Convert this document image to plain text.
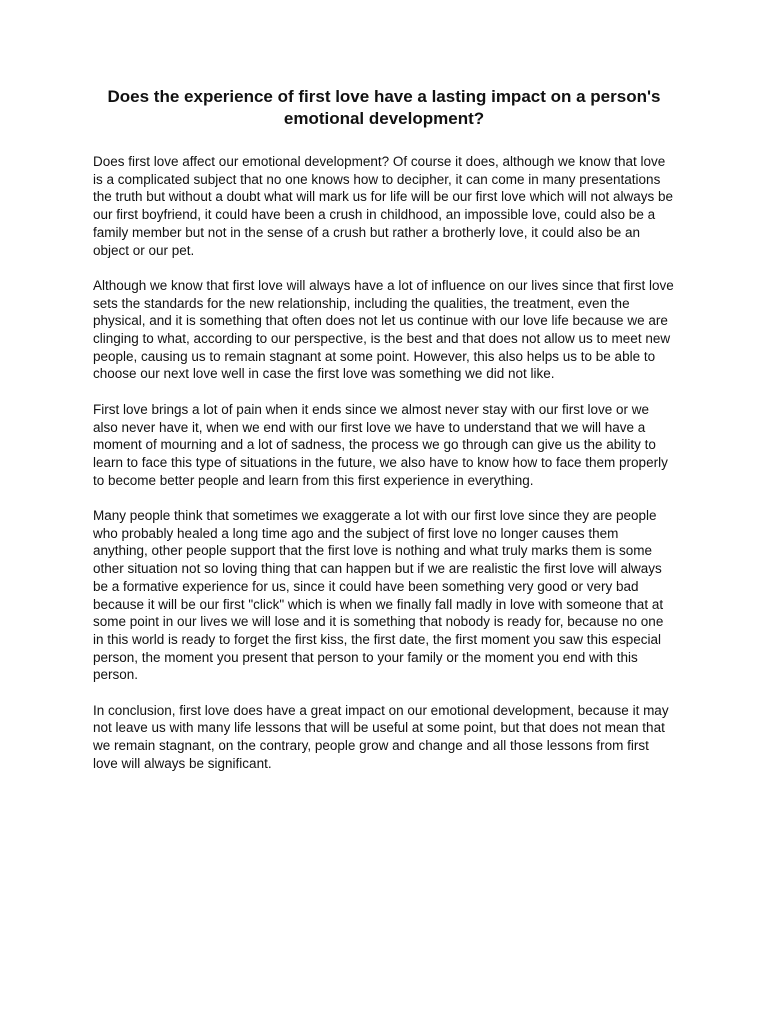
Does the experience of first love have a lasting impact on a person's emotional development?

Does first love affect our emotional development? Of course it does, although we know that love is a complicated subject that no one knows how to decipher, it can come in many presentations the truth but without a doubt what will mark us for life will be our first love which will not always be our first boyfriend, it could have been a crush in childhood, an impossible love, could also be a family member but not in the sense of a crush but rather a brotherly love, it could also be an object or our pet.

Although we know that first love will always have a lot of influence on our lives since that first love sets the standards for the new relationship, including the qualities, the treatment, even the physical, and it is something that often does not let us continue with our love life because we are clinging to what, according to our perspective, is the best and that does not allow us to meet new people, causing us to remain stagnant at some point. However, this also helps us to be able to choose our next love well in case the first love was something we did not like.

First love brings a lot of pain when it ends since we almost never stay with our first love or we also never have it, when we end with our first love we have to understand that we will have a moment of mourning and a lot of sadness, the process we go through can give us the ability to learn to face this type of situations in the future, we also have to know how to face them properly to become better people and learn from this first experience in everything.

Many people think that sometimes we exaggerate a lot with our first love since they are people who probably healed a long time ago and the subject of first love no longer causes them anything, other people support that the first love is nothing and what truly marks them is some other situation not so loving thing that can happen but if we are realistic the first love will always be a formative experience for us, since it could have been something very good or very bad because it will be our first "click" which is when we finally fall madly in love with someone that at some point in our lives we will lose and it is something that nobody is ready for, because no one in this world is ready to forget the first kiss, the first date, the first moment you saw this especial person, the moment you present that person to your family or the moment you end with this person.

In conclusion, first love does have a great impact on our emotional development, because it may not leave us with many life lessons that will be useful at some point, but that does not mean that we remain stagnant, on the contrary, people grow and change and all those lessons from first love will always be significant.
